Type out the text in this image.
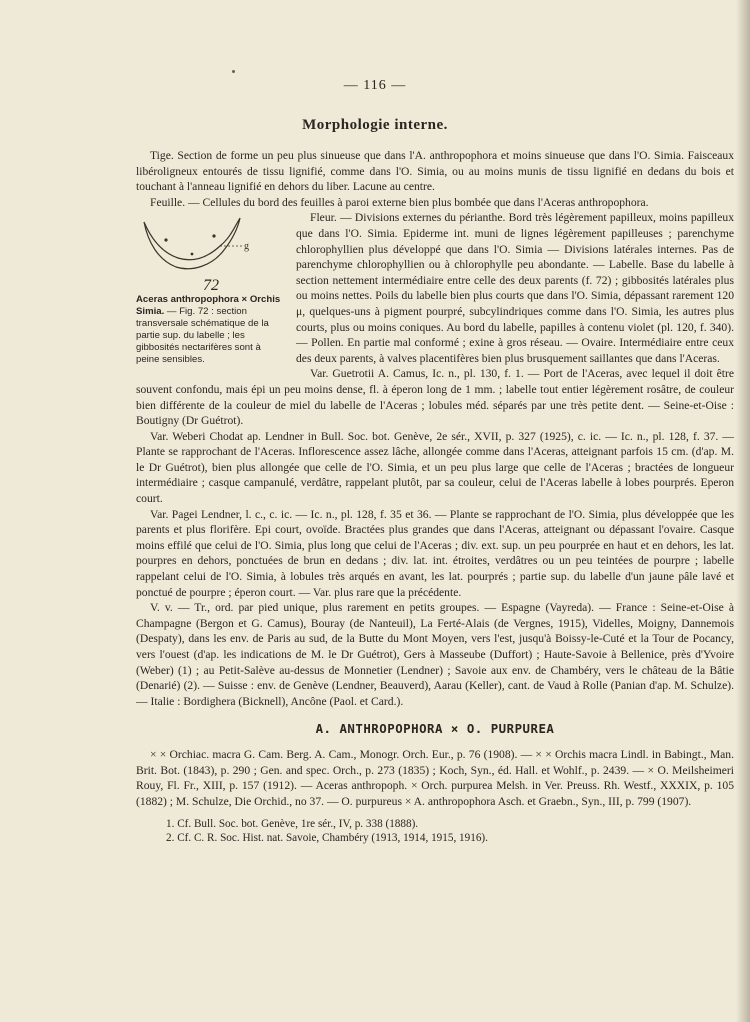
— 116 —
Morphologie interne.

Tige. Section de forme un peu plus sinueuse que dans l'A. anthropophora et moins sinueuse que dans l'O. Simia. Faisceaux libéroligneux entourés de tissu lignifié, comme dans l'O. Simia, ou au moins munis de tissu lignifié en dedans du bois et touchant à l'anneau lignifié en dehors du liber. Lacune au centre.

Feuille. — Cellules du bord des feuilles à paroi externe bien plus bombée que dans l'Aceras anthropophora.

g
72
Aceras anthropophora × Orchis Simia. — Fig. 72 : section transversale schématique de la partie sup. du labelle ; les gibbosités nectarifères sont à peine sensibles.

Fleur. — Divisions externes du périanthe. Bord très légèrement papilleux, moins papilleux que dans l'O. Simia. Epiderme int. muni de lignes légèrement papilleuses ; parenchyme chlorophyllien plus développé que dans l'O. Simia — Divisions latérales internes. Pas de parenchyme chlorophyllien ou à chlorophylle peu abondante. — Labelle. Base du labelle à section nettement intermédiaire entre celle des deux parents (f. 72) ; gibbosités latérales plus ou moins nettes. Poils du labelle bien plus courts que dans l'O. Simia, dépassant rarement 120 μ, quelques-uns à pigment pourpré, subcylindriques comme dans l'O. Simia, les autres plus courts, plus ou moins coniques. Au bord du labelle, papilles à contenu violet (pl. 120, f. 340). — Pollen. En partie mal conformé ; exine à gros réseau. — Ovaire. Intermédiaire entre ceux des deux parents, à valves placentifères bien plus brusquement saillantes que dans l'Aceras.

Var. Guetrotii A. Camus, Ic. n., pl. 130, f. 1. — Port de l'Aceras, avec lequel il doit être souvent confondu, mais épi un peu moins dense, fl. à éperon long de 1 mm. ; labelle tout entier légèrement rosâtre, de couleur bien différente de la couleur de miel du labelle de l'Aceras ; lobules méd. séparés par une très petite dent. — Seine-et-Oise : Boutigny (Dr Guétrot).

Var. Weberi Chodat ap. Lendner in Bull. Soc. bot. Genève, 2e sér., XVII, p. 327 (1925), c. ic. — Ic. n., pl. 128, f. 37. — Plante se rapprochant de l'Aceras. Inflorescence assez lâche, allongée comme dans l'Aceras, atteignant parfois 15 cm. (d'ap. M. le Dr Guétrot), bien plus allongée que celle de l'O. Simia, et un peu plus large que celle de l'Aceras ; bractées de longueur intermédiaire ; casque campanulé, verdâtre, rappelant plutôt, par sa couleur, celui de l'Aceras labelle à lobes pourprés. Eperon court.

Var. Pagei Lendner, l. c., c. ic. — Ic. n., pl. 128, f. 35 et 36. — Plante se rapprochant de l'O. Simia, plus développée que les parents et plus florifère. Epi court, ovoïde. Bractées plus grandes que dans l'Aceras, atteignant ou dépassant l'ovaire. Casque moins effilé que celui de l'O. Simia, plus long que celui de l'Aceras ; div. ext. sup. un peu pourprée en haut et en dehors, les lat. pourpres en dehors, ponctuées de brun en dedans ; div. lat. int. étroites, verdâtres ou un peu teintées de pourpre ; labelle rappelant celui de l'O. Simia, à lobules très arqués en avant, les lat. pourprés ; partie sup. du labelle d'un jaune pâle lavé et ponctué de pourpre ; éperon court. — Var. plus rare que la précédente.

V. v. — Tr., ord. par pied unique, plus rarement en petits groupes. — Espagne (Vayreda). — France : Seine-et-Oise à Champagne (Bergon et G. Camus), Bouray (de Nanteuil), La Ferté-Alais (de Vergnes, 1915), Videlles, Moigny, Dannemois (Despaty), dans les env. de Paris au sud, de la Butte du Mont Moyen, vers l'est, jusqu'à Boissy-le-Cuté et la Tour de Pocancy, vers l'ouest (d'ap. les indications de M. le Dr Guétrot), Gers à Masseube (Duffort) ; Haute-Savoie à Bellenice, près d'Yvoire (Weber) (1) ; au Petit-Salève au-dessus de Monnetier (Lendner) ; Savoie aux env. de Chambéry, vers le château de la Bâtie (Denarié) (2). — Suisse : env. de Genève (Lendner, Beauverd), Aarau (Keller), cant. de Vaud à Rolle (Panian d'ap. M. Schulze). — Italie : Bordighera (Bicknell), Ancône (Paol. et Card.).

A. ANTHROPOPHORA × O. PURPUREA

× × Orchiac. macra G. Cam. Berg. A. Cam., Monogr. Orch. Eur., p. 76 (1908). — × × Orchis macra Lindl. in Babingt., Man. Brit. Bot. (1843), p. 290 ; Gen. and spec. Orch., p. 273 (1835) ; Koch, Syn., éd. Hall. et Wohlf., p. 2439. — × O. Meilsheimeri Rouy, Fl. Fr., XIII, p. 157 (1912). — Aceras anthropoph. × Orch. purpurea Melsh. in Ver. Preuss. Rh. Westf., XXXIX, p. 105 (1882) ; M. Schulze, Die Orchid., no 37. — O. purpureus × A. anthropophora Asch. et Graebn., Syn., III, p. 799 (1907).

1. Cf. Bull. Soc. bot. Genève, 1re sér., IV, p. 338 (1888).
2. Cf. C. R. Soc. Hist. nat. Savoie, Chambéry (1913, 1914, 1915, 1916).
